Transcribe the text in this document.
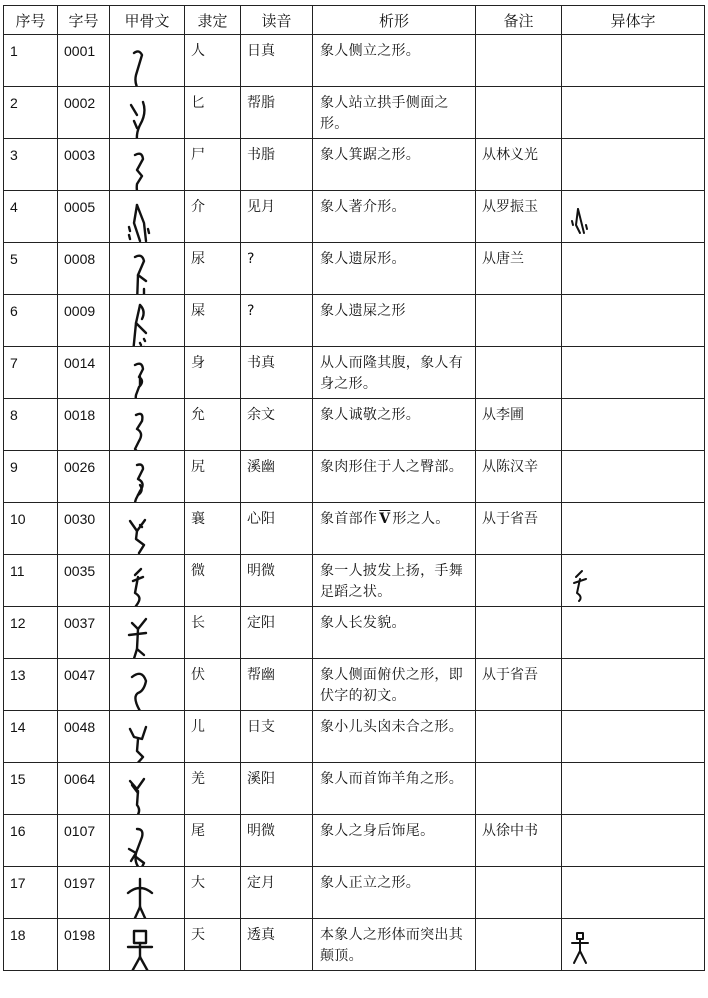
序号	字号	甲骨文	隶定	读音	析形	备注	异体字

1	0001		人	日真	象人侧立之形。		

2	0002		匕	帮脂	象人站立拱手侧面之形。		

3	0003		尸	书脂	象人箕踞之形。	从林义光	

4	0005		介	见月	象人著介形。	从罗振玉

5	0008		尿	?	象人遗尿形。	从唐兰	

6	0009		屎	?	象人遗屎之形		

7	0014		身	书真	从人而隆其腹，象人有身之形。		

8	0018		允	余文	象人诚敬之形。	从李圃	

9	0026		尻	溪幽	象肉形住于人之臀部。	从陈汉辛	

10	0030		襄	心阳	象首部作 $\overline{V}$ 形之人。	从于省吾	

11	0035		微	明微	象一人披发上扬，手舞足蹈之状。

12	0037		长	定阳	象人长发貌。		

13	0047		伏	帮幽	象人侧面俯伏之形，即伏字的初文。	从于省吾	

14	0048		儿	日支	象小儿头囟未合之形。		

15	0064		羌	溪阳	象人而首饰羊角之形。		

16	0107		尾	明微	象人之身后饰尾。	从徐中书	

17	0197		大	定月	象人正立之形。		

18	0198		天	透真	本象人之形体而突出其颠顶。
